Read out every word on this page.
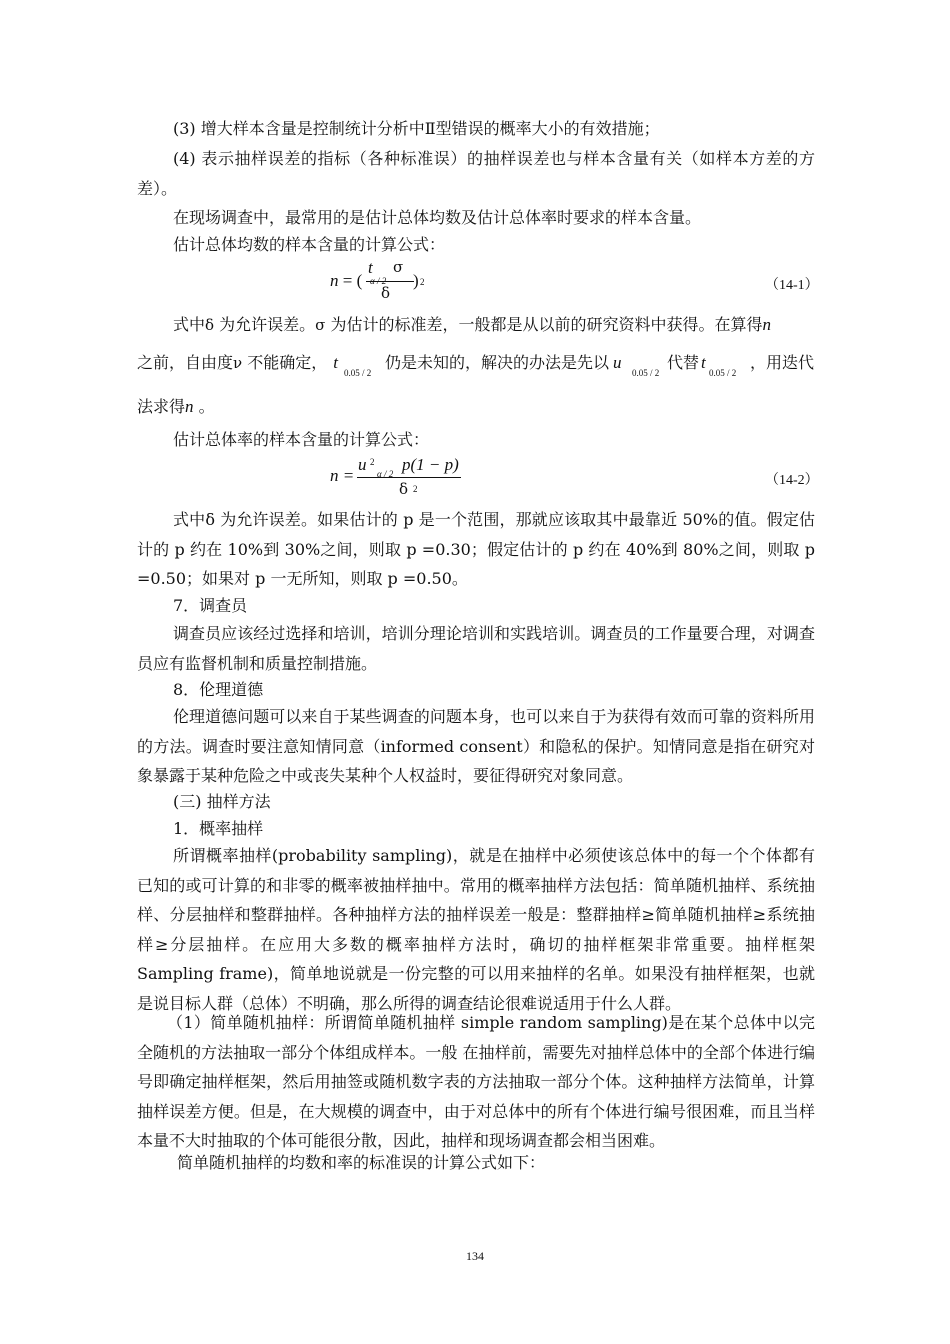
(3) 增大样本含量是控制统计分析中Ⅱ型错误的概率大小的有效措施；

(4) 表示抽样误差的指标（各种标准误）的抽样误差也与样本含量有关（如样本方差的方差）。

在现场调查中，最常用的是估计总体均数及估计总体率时要求的样本含量。

估计总体均数的样本含量的计算公式：

n = (
t
α / 2
σ
δ
) 2	（14-1）
式中δ 为允许误差。σ 为估计的标准差，一般都是从以前的研究资料中获得。在算得n
之前，自由度ν 不能确定， t
0.05 / 2
仍是未知的，解决的办法是先以 u
0.05 / 2
代替 t
0.05 / 2
，用迭代
法求得n 。

估计总体率的样本含量的计算公式：

n =
u 2
α / 2 p(1 − p)
δ 2
（14-2）

式中δ 为允许误差。如果估计的 p 是一个范围，那就应该取其中最靠近 50%的值。假定估计的 p 约在 10%到 30%之间，则取 p =0.30；假定估计的 p 约在 40%到 80%之间，则取 p =0.50；如果对 p 一无所知，则取 p =0.50。

7．调查员

调查员应该经过选择和培训，培训分理论培训和实践培训。调查员的工作量要合理，对调查员应有监督机制和质量控制措施。

8．伦理道德

伦理道德问题可以来自于某些调查的问题本身，也可以来自于为获得有效而可靠的资料所用的方法。调查时要注意知情同意（informed consent）和隐私的保护。知情同意是指在研究对象暴露于某种危险之中或丧失某种个人权益时，要征得研究对象同意。

(三) 抽样方法

1．概率抽样

所谓概率抽样(probability sampling)，就是在抽样中必须使该总体中的每一个个体都有已知的或可计算的和非零的概率被抽样抽中。常用的概率抽样方法包括：简单随机抽样、系统抽样、分层抽样和整群抽样。各种抽样方法的抽样误差一般是：整群抽样≥简单随机抽样≥系统抽样≥分层抽样。在应用大多数的概率抽样方法时，确切的抽样框架非常重要。抽样框架 Sampling frame)，简单地说就是一份完整的可以用来抽样的名单。如果没有抽样框架，也就是说目标人群（总体）不明确，那么所得的调查结论很难说适用于什么人群。

（1）简单随机抽样：所谓简单随机抽样 simple random sampling)是在某个总体中以完全随机的方法抽取一部分个体组成样本。一般 在抽样前，需要先对抽样总体中的全部个体进行编号即确定抽样框架，然后用抽签或随机数字表的方法抽取一部分个体。这种抽样方法简单，计算抽样误差方便。但是，在大规模的调查中，由于对总体中的所有个体进行编号很困难，而且当样本量不大时抽取的个体可能很分散，因此，抽样和现场调查都会相当困难。

简单随机抽样的均数和率的标准误的计算公式如下：

134
